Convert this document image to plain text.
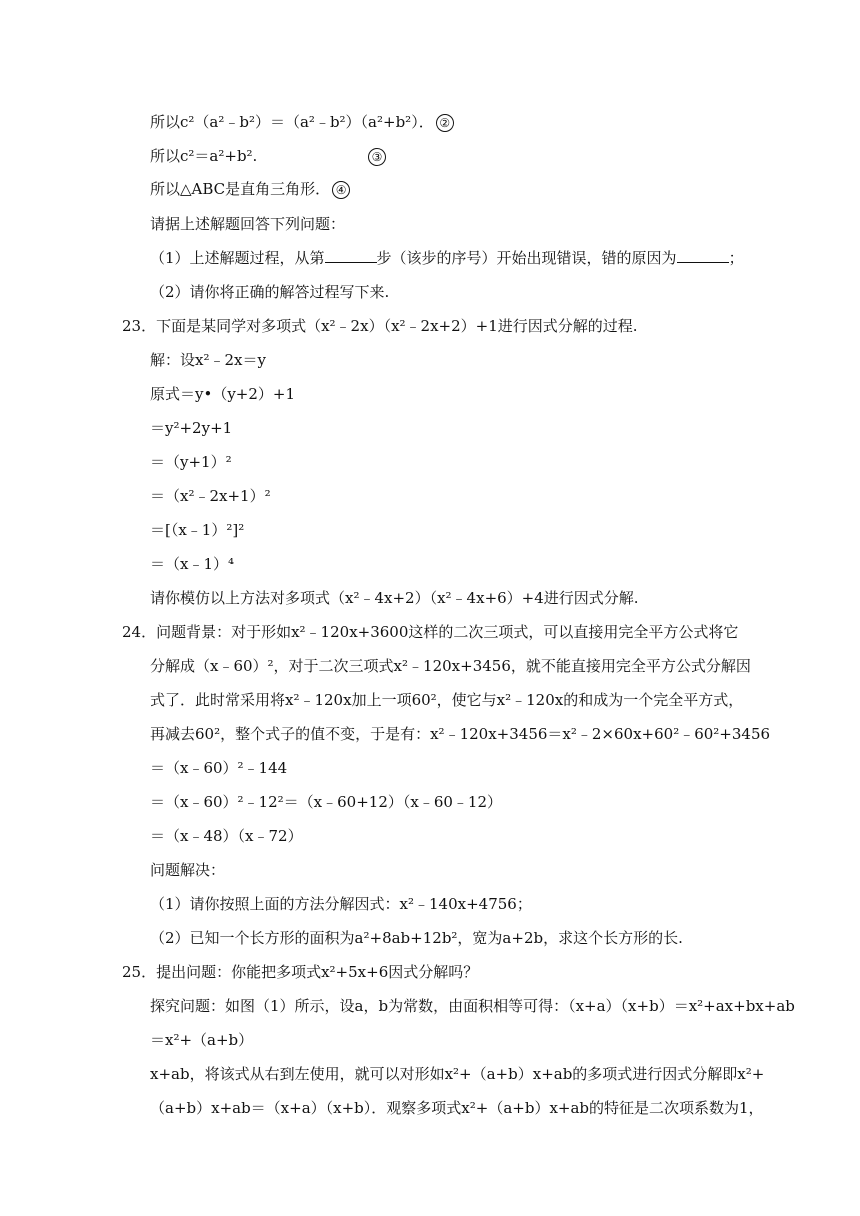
所以c²（a²﹣b²）＝（a²﹣b²）（a²+b²）． ②
所以c²＝a²+b².	③
所以△ABC是直角三角形． ④
请据上述解题回答下列问题：
（1）上述解题过程，从第	步（该步的序号）开始出现错误，错的原因为	；
（2）请你将正确的解答过程写下来.
23．下面是某同学对多项式（x²﹣2x）（x²﹣2x+2）+1进行因式分解的过程.
解：设x²﹣2x＝y
原式＝y•（y+2）+1
＝y²+2y+1
＝（y+1）²
＝（x²﹣2x+1）²
＝[（x﹣1）²]²
＝（x﹣1）⁴
请你模仿以上方法对多项式（x²﹣4x+2）（x²﹣4x+6）+4进行因式分解.
24．问题背景：对于形如x²﹣120x+3600这样的二次三项式，可以直接用完全平方公式将它
分解成（x﹣60）²，对于二次三项式x²﹣120x+3456，就不能直接用完全平方公式分解因
式了．此时常采用将x²﹣120x加上一项60²，使它与x²﹣120x的和成为一个完全平方式，
再减去60²，整个式子的值不变，于是有：x²﹣120x+3456＝x²﹣2×60x+60²﹣60²+3456
＝（x﹣60）²﹣144
＝（x﹣60）²﹣12²＝（x﹣60+12）（x﹣60﹣12）
＝（x﹣48）（x﹣72）
问题解决：
（1）请你按照上面的方法分解因式：x²﹣140x+4756；
（2）已知一个长方形的面积为a²+8ab+12b²，宽为a+2b，求这个长方形的长.
25．提出问题：你能把多项式x²+5x+6因式分解吗？
探究问题：如图（1）所示，设a，b为常数，由面积相等可得：（x+a）（x+b）＝x²+ax+bx+ab
＝x²+（a+b）
x+ab，将该式从右到左使用，就可以对形如x²+（a+b）x+ab的多项式进行因式分解即x²+
（a+b）x+ab＝（x+a）（x+b）．观察多项式x²+（a+b）x+ab的特征是二次项系数为1，
